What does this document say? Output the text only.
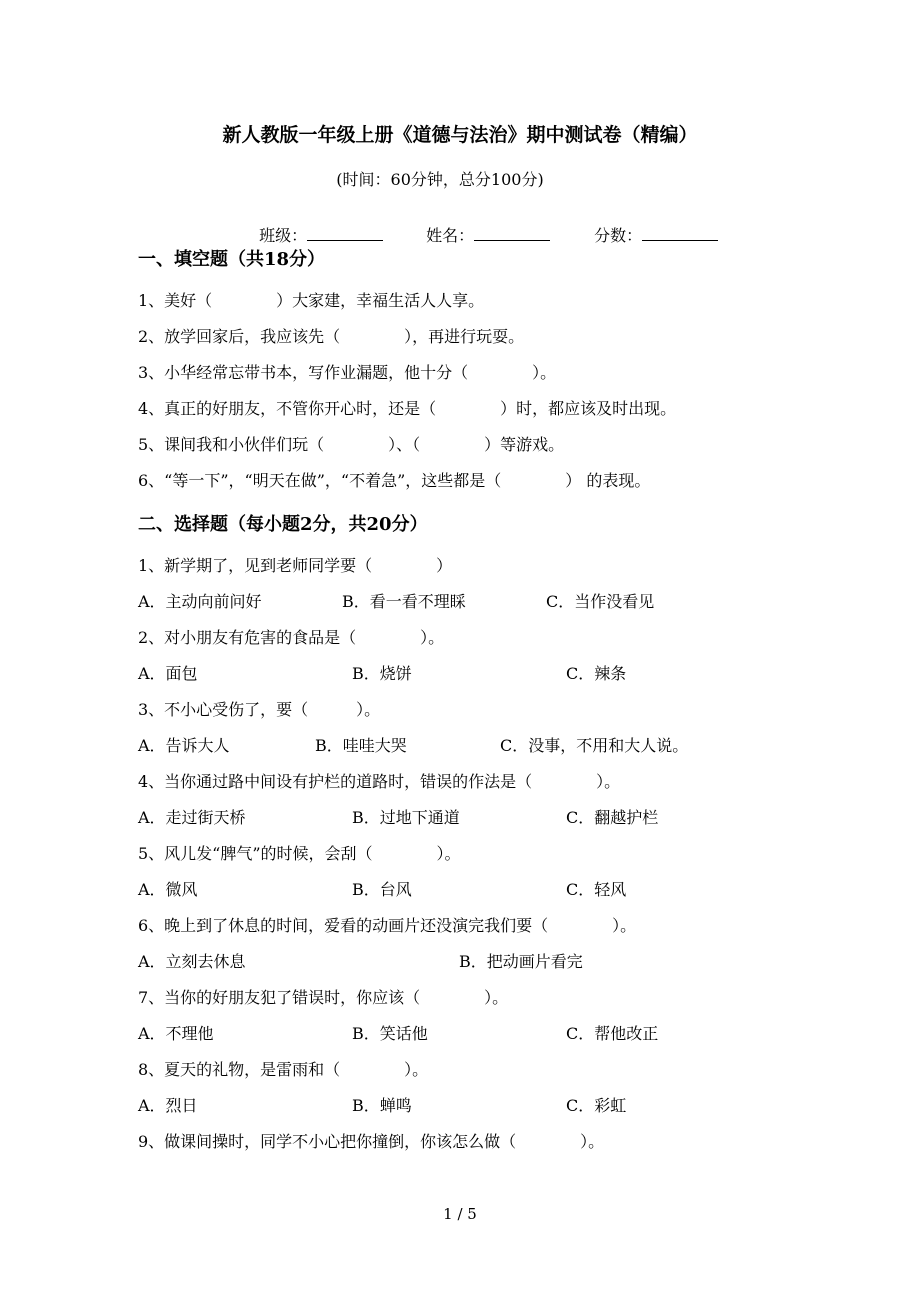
新人教版一年级上册《道德与法治》期中测试卷（精编）
(时间：60分钟，总分100分)

班级：	姓名：	分数：

一、填空题（共18分）
1、美好（　　　　）大家建，幸福生活人人享。
2、放学回家后，我应该先（　　　　），再进行玩耍。
3、小华经常忘带书本，写作业漏题，他十分（　　　　）。
4、真正的好朋友，不管你开心时，还是（　　　　）时，都应该及时出现。
5、课间我和小伙伴们玩（　　　　）、（　　　　）等游戏。
6、“等一下”，“明天在做”，“不着急”，这些都是（　　　　） 的表现。
二、选择题（每小题2分，共20分）
1、新学期了，见到老师同学要（　　　　）
A．主动向前问好	B．看一看不理睬	C．当作没看见
2、对小朋友有危害的食品是（　　　　）。
A．面包	B．烧饼	C．辣条
3、不小心受伤了，要（　　　）。
A．告诉大人	B．哇哇大哭	C．没事，不用和大人说。
4、当你通过路中间设有护栏的道路时，错误的作法是（　　　　）。
A．走过街天桥	B．过地下通道	C．翻越护栏
5、风儿发“脾气”的时候，会刮（　　　　）。
A．微风	B．台风	C．轻风
6、晚上到了休息的时间，爱看的动画片还没演完我们要（　　　　）。
A．立刻去休息	B．把动画片看完
7、当你的好朋友犯了错误时，你应该（　　　　）。
A．不理他	B．笑话他	C．帮他改正
8、夏天的礼物，是雷雨和（　　　　）。
A．烈日	B．蝉鸣	C．彩虹
9、做课间操时，同学不小心把你撞倒，你该怎么做（　　　　）。
1 / 5
